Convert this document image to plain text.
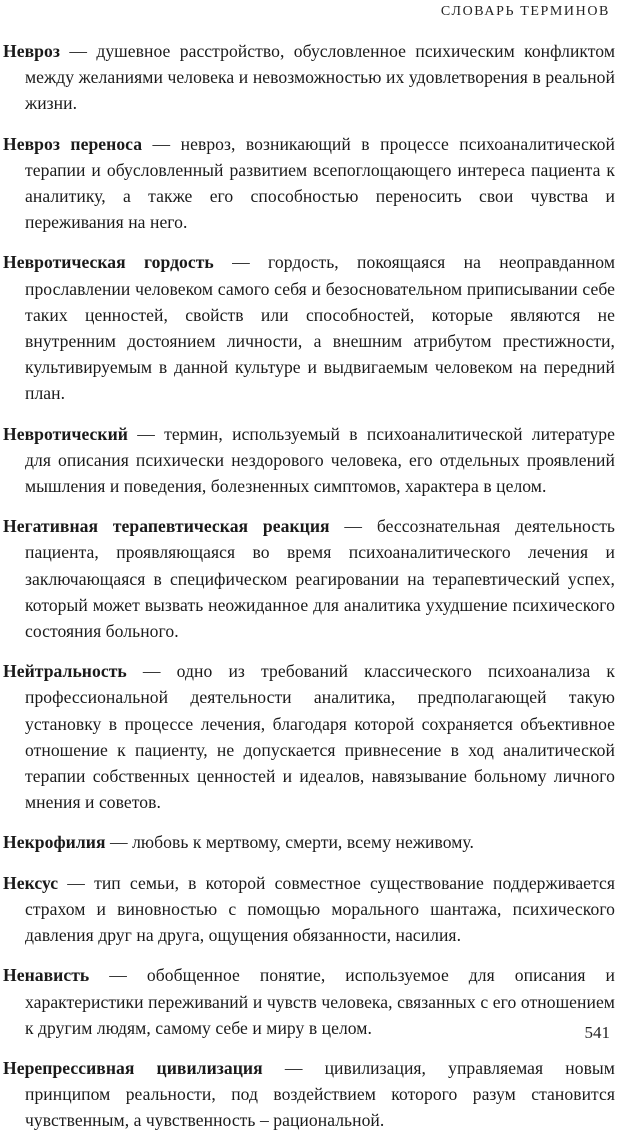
СЛОВАРЬ ТЕРМИНОВ

Невроз — душевное расстройство, обусловленное психическим конфликтом между желаниями человека и невозможностью их удовлетворения в реальной жизни.

Невроз переноса — невроз, возникающий в процессе психоаналитической терапии и обусловленный развитием всепоглощающего интереса пациента к аналитику, а также его способностью переносить свои чувства и переживания на него.

Невротическая гордость — гордость, покоящаяся на неоправданном прославлении человеком самого себя и безосновательном приписывании себе таких ценностей, свойств или способностей, которые являются не внутренним достоянием личности, а внешним атрибутом престижности, культивируемым в данной культуре и выдвигаемым человеком на передний план.

Невротический — термин, используемый в психоаналитической литературе для описания психически нездорового человека, его отдельных проявлений мышления и поведения, болезненных симптомов, характера в целом.

Негативная терапевтическая реакция — бессознательная деятельность пациента, проявляющаяся во время психоаналитического лечения и заключающаяся в специфическом реагировании на терапевтический успех, который может вызвать неожиданное для аналитика ухудшение психического состояния больного.

Нейтральность — одно из требований классического психоанализа к профессиональной деятельности аналитика, предполагающей такую установку в процессе лечения, благодаря которой сохраняется объективное отношение к пациенту, не допускается привнесение в ход аналитической терапии собственных ценностей и идеалов, навязывание больному личного мнения и советов.

Некрофилия — любовь к мертвому, смерти, всему неживому.

Нексус — тип семьи, в которой совместное существование поддерживается страхом и виновностью с помощью морального шантажа, психического давления друг на друга, ощущения обязанности, насилия.

Ненависть — обобщенное понятие, используемое для описания и характеристики переживаний и чувств человека, связанных с его отношением к другим людям, самому себе и миру в целом.

Нерепрессивная цивилизация — цивилизация, управляемая новым принципом реальности, под воздействием которого разум становится чувственным, а чувственность – рациональной.

541
